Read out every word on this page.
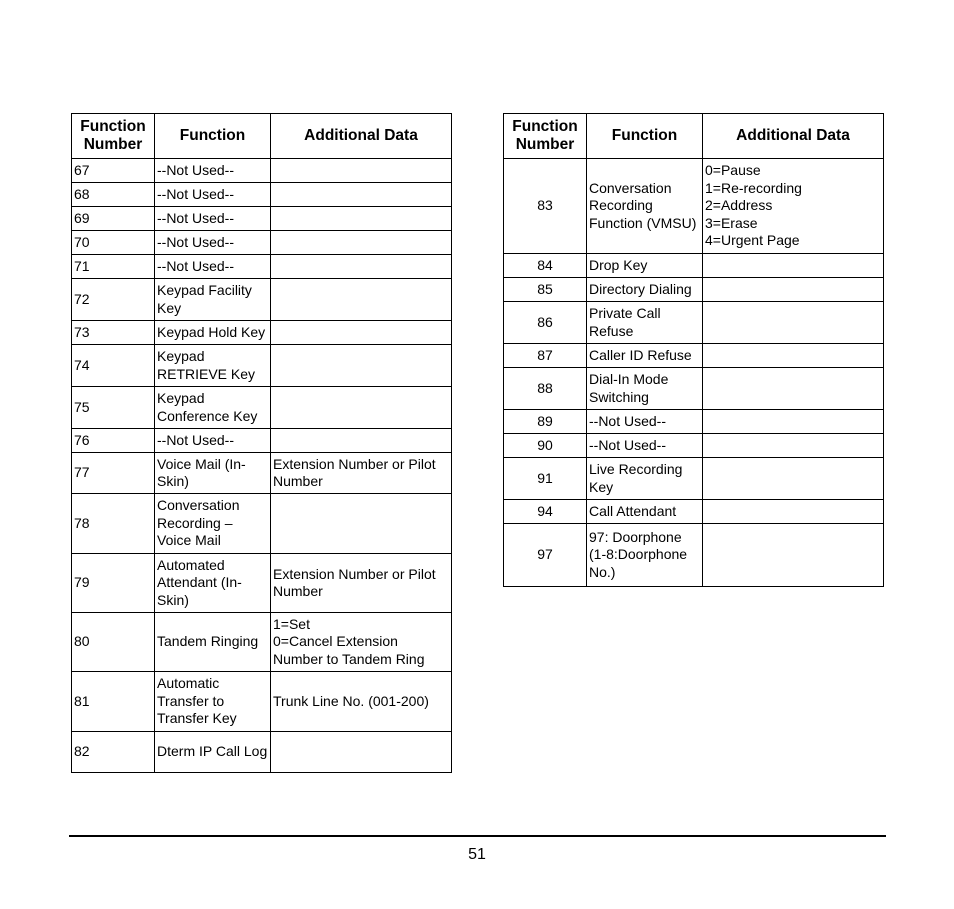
Function
Number	Function	Additional Data
67	--Not Used--	
68	--Not Used--	
69	--Not Used--	
70	--Not Used--	
71	--Not Used--	
72	Keypad Facility Key	
73	Keypad Hold Key	
74	Keypad
RETRIEVE Key	
75	Keypad
Conference Key	
76	--Not Used--	
77	Voice Mail (In-Skin)	Extension Number or Pilot Number
78	Conversation Recording – Voice Mail	
79	Automated Attendant (In-Skin)	Extension Number or Pilot Number
80	Tandem Ringing	1=Set
0=Cancel Extension Number to Tandem Ring
81	Automatic Transfer to Transfer Key	Trunk Line No. (001-200)
82	Dterm IP Call Log	
Function
Number	Function	Additional Data
83	Conversation Recording Function (VMSU)	0=Pause
1=Re-recording
2=Address
3=Erase
4=Urgent Page
84	Drop Key	
85	Directory Dialing	
86	Private Call Refuse	
87	Caller ID Refuse	
88	Dial-In Mode Switching	
89	--Not Used--	
90	--Not Used--	
91	Live Recording Key	
94	Call Attendant	
97	97: Doorphone (1-8:Doorphone No.)	
51
